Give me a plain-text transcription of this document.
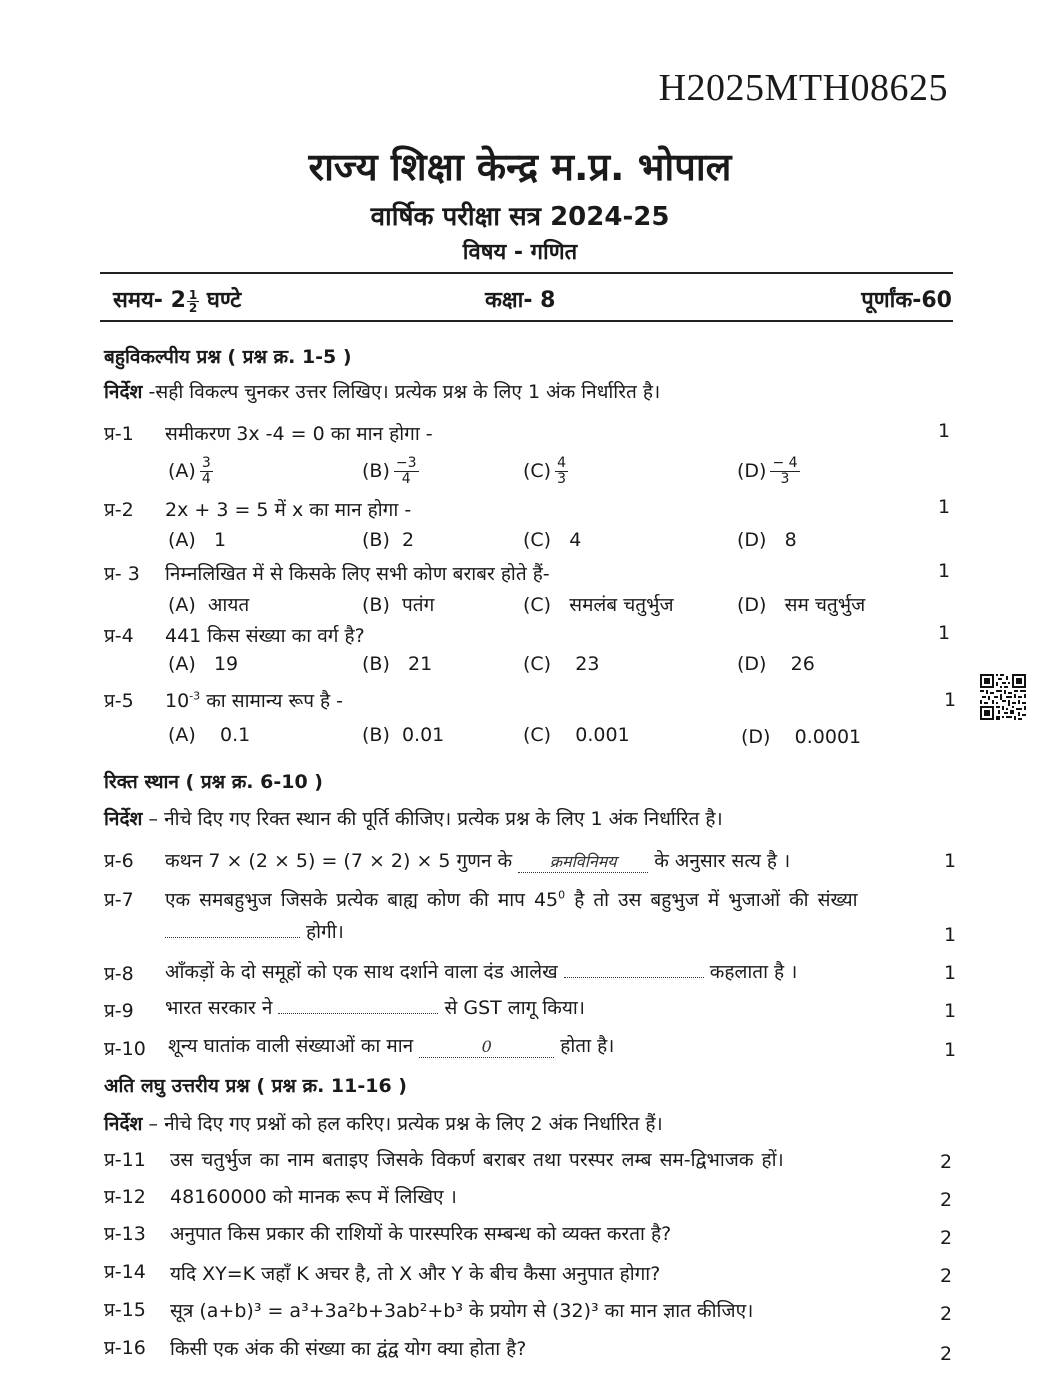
H2025MTH08625
राज्य शिक्षा केन्द्र म.प्र. भोपाल
वार्षिक परीक्षा सत्र 2024-25
विषय - गणित
समय- $2 \frac{1}{2}$ घण्टे	कक्षा- 8	पूर्णांक-60
बहुविकल्पीय प्रश्न ( प्रश्न क्र. 1-5 )
निर्देश -सही विकल्प चुनकर उत्तर लिखिए। प्रत्येक प्रश्न के लिए 1 अंक निर्धारित है।
प्र-1 समीकरण 3x -4 = 0 का मान होगा -	1
$(A) \frac{3}{4}$	$(B) \frac{-3}{4}$	$(C) \frac{4}{3}$	$(D) \frac{- 4}{3}$
प्र-2 2x + 3 = 5 में x का मान होगा -	1
(A) 1	(B) 2	(C) 4	(D) 8
प्र- 3 निम्नलिखित में से किसके लिए सभी कोण बराबर होते हैं-	1
(A) आयत	(B) पतंग	(C) समलंब चतुर्भुज	(D) सम चतुर्भुज
प्र-4 441 किस संख्या का वर्ग है?	1
(A) 19	(B) 21	(C) 23	(D) 26
प्र-5 $10^{-3}$ का सामान्य रूप है -	1
(A) 0.1	(B) 0.01	(C) 0.001	(D) 0.0001
रिक्त स्थान ( प्रश्न क्र. 6-10 )
निर्देश – नीचे दिए गए रिक्त स्थान की पूर्ति कीजिए। प्रत्येक प्रश्न के लिए 1 अंक निर्धारित है।
प्र-6 कथन 7 × (2 × 5) = (7 × 2) × 5 गुणन के क्रमविनिमय के अनुसार सत्य है ।	1
प्र-7 एक समबहुभुज जिसके प्रत्येक बाह्य कोण की माप $45^0$ है तो उस बहुभुज में भुजाओं की संख्या
होगी।	1
प्र-8 आँकड़ों के दो समूहों को एक साथ दर्शाने वाला दंड आलेख	कहलाता है ।	1
प्र-9 भारत सरकार ने	से GST लागू किया।	1
प्र-10 शून्य घातांक वाली संख्याओं का मान	0	होता है।	1
अति लघु उत्तरीय प्रश्न ( प्रश्न क्र. 11-16 )
निर्देश – नीचे दिए गए प्रश्नों को हल करिए। प्रत्येक प्रश्न के लिए 2 अंक निर्धारित हैं।
प्र-11 उस चतुर्भुज का नाम बताइए जिसके विकर्ण बराबर तथा परस्पर लम्ब सम-द्विभाजक हों।	2
प्र-12 48160000 को मानक रूप में लिखिए ।	2
प्र-13 अनुपात किस प्रकार की राशियों के पारस्परिक सम्बन्ध को व्यक्त करता है?	2
प्र-14 यदि XY=K जहाँ K अचर है, तो X और Y के बीच कैसा अनुपात होगा?	2
प्र-15 सूत्र (a+b)³ = a³+3a²b+3ab²+b³ के प्रयोग से (32)³ का मान ज्ञात कीजिए।	2
प्र-16 किसी एक अंक की संख्या का द्वंद्व योग क्या होता है?	2
